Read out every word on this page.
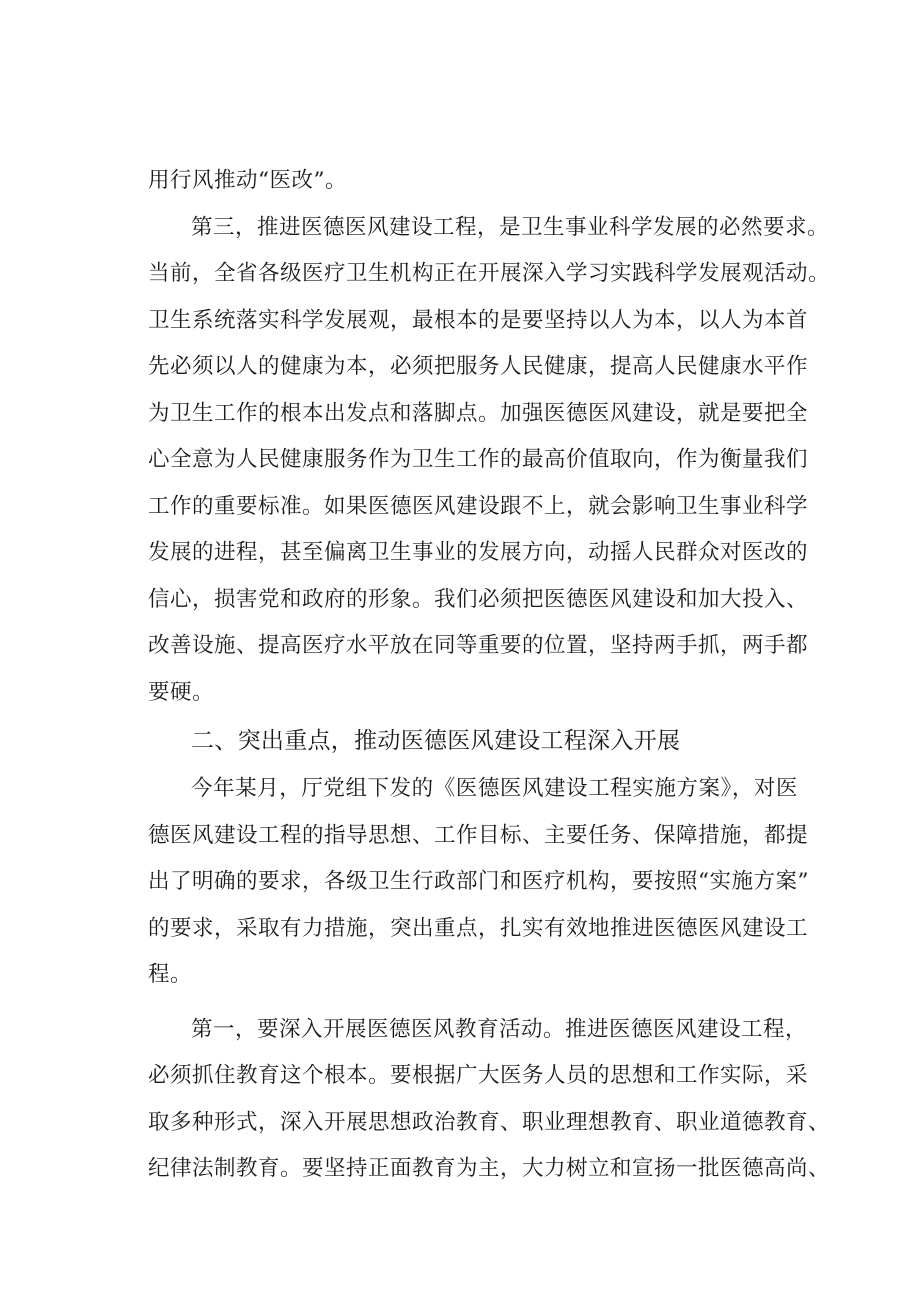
用行风推动“医改”。
第三，推进医德医风建设工程，是卫生事业科学发展的必然要求。
当前，全省各级医疗卫生机构正在开展深入学习实践科学发展观活动。
卫生系统落实科学发展观，最根本的是要坚持以人为本，以人为本首
先必须以人的健康为本，必须把服务人民健康，提高人民健康水平作
为卫生工作的根本出发点和落脚点。加强医德医风建设，就是要把全
心全意为人民健康服务作为卫生工作的最高价值取向，作为衡量我们
工作的重要标准。如果医德医风建设跟不上，就会影响卫生事业科学
发展的进程，甚至偏离卫生事业的发展方向，动摇人民群众对医改的
信心，损害党和政府的形象。我们必须把医德医风建设和加大投入、
改善设施、提高医疗水平放在同等重要的位置，坚持两手抓，两手都
要硬。
二、突出重点，推动医德医风建设工程深入开展
今年某月，厅党组下发的《医德医风建设工程实施方案》，对医
德医风建设工程的指导思想、工作目标、主要任务、保障措施，都提
出了明确的要求，各级卫生行政部门和医疗机构，要按照“实施方案”
的要求，采取有力措施，突出重点，扎实有效地推进医德医风建设工
程。
第一，要深入开展医德医风教育活动。推进医德医风建设工程，
必须抓住教育这个根本。要根据广大医务人员的思想和工作实际，采
取多种形式，深入开展思想政治教育、职业理想教育、职业道德教育、
纪律法制教育。要坚持正面教育为主，大力树立和宣扬一批医德高尚、
